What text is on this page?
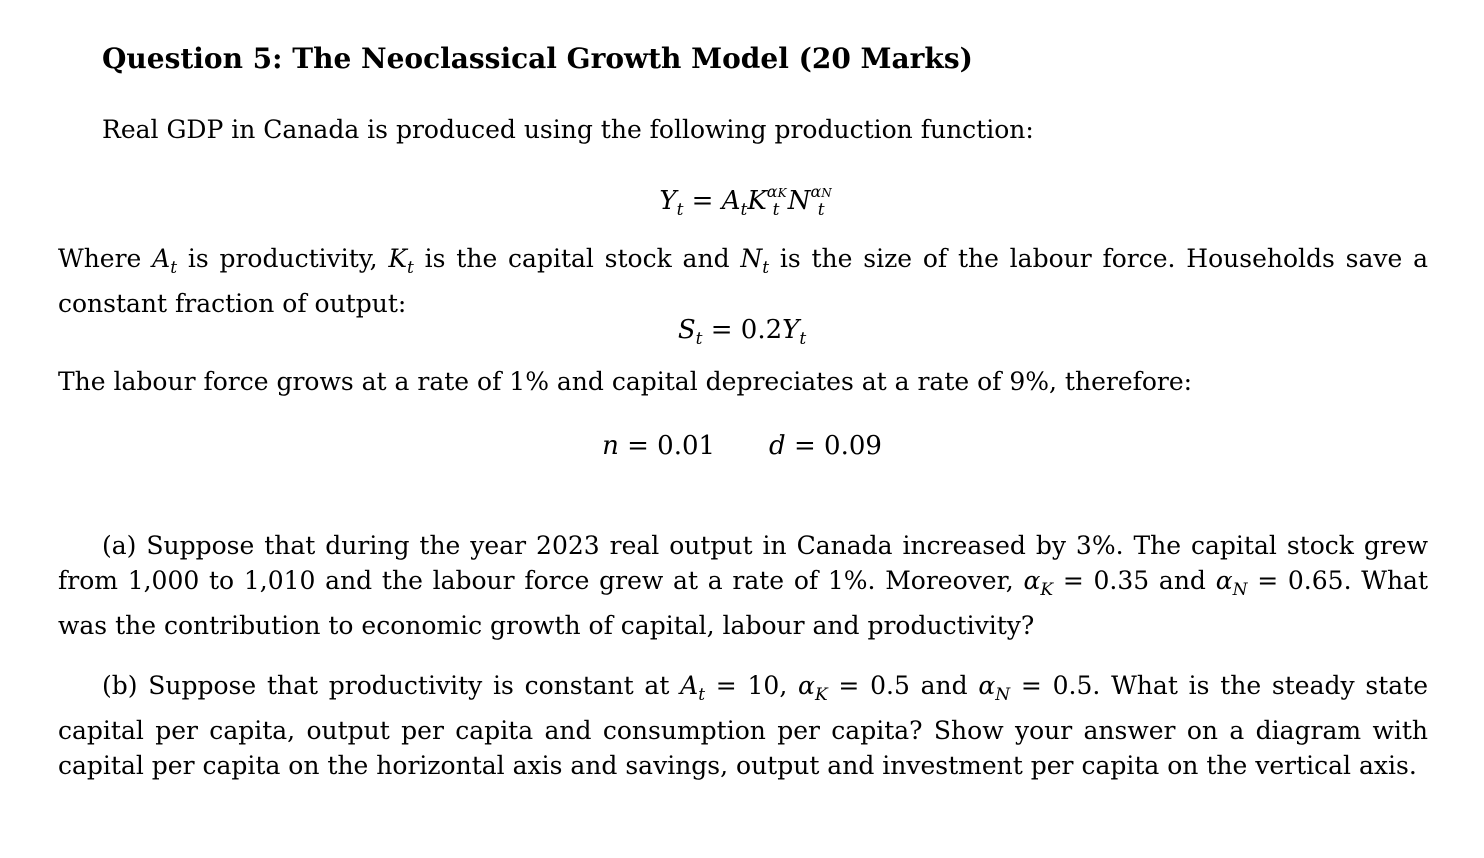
Question 5: The Neoclassical Growth Model (20 Marks)
Real GDP in Canada is produced using the following production function:
$Y_t = A_tK^{\alpha K}_t$ $N^{\alpha N}_t$
Where $A_t$ is productivity, $K_t$ is the capital stock and $N_t$ is the size of the labour force. Households save a constant fraction of output:
$S_t = 0.2Y_t$
The labour force grows at a rate of 1% and capital depreciates at a rate of 9%, therefore:
n = 0.01 d = 0.09
(a) Suppose that during the year 2023 real output in Canada increased by 3%. The capital stock grew from 1,000 to 1,010 and the labour force grew at a rate of 1%. Moreover, $\alpha_K = 0.35$ and $\alpha_N = 0.65$. What was the contribution to economic growth of capital, labour and productivity?
(b) Suppose that productivity is constant at $A_t = 10$, $\alpha_K = 0.5$ and $\alpha_N = 0.5$. What is the steady state capital per capita, output per capita and consumption per capita? Show your answer on a diagram with capital per capita on the horizontal axis and savings, output and investment per capita on the vertical axis.
